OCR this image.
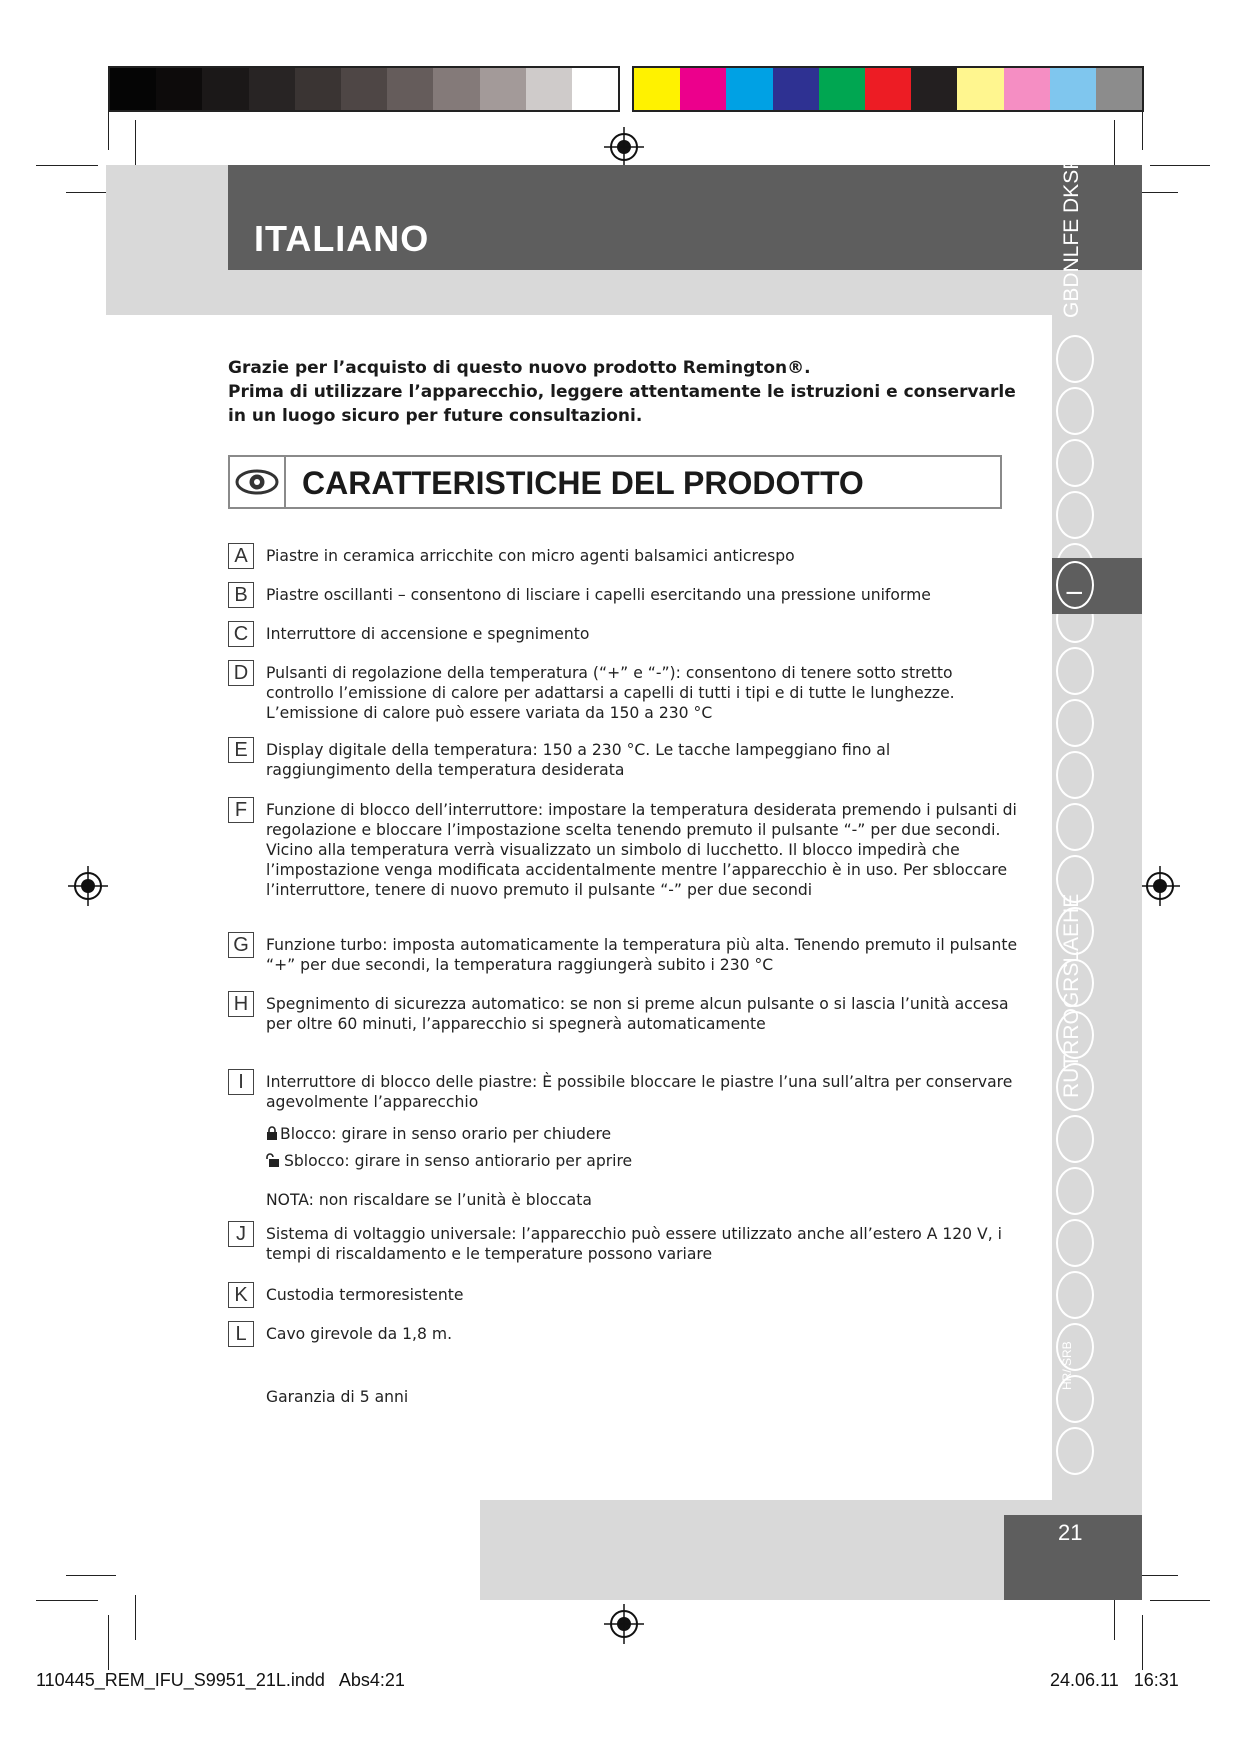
ITALIANO	GBDNLFE DKSPSKC
I
RUTRROGRSLAEHE
HR/ SRB
21

Grazie per l’acquisto di questo nuovo prodotto Remington®.

Prima di utilizzare l’apparecchio, leggere attentamente le istruzioni e conservarle in un luogo sicuro per future consultazioni.

CARATTERISTICHE DEL PRODOTTO
A	Piastre in ceramica arricchite con micro agenti balsamici anticrespo
B	Piastre oscillanti – consentono di lisciare i capelli esercitando una pressione uniforme
C	Interruttore di accensione e spegnimento
D	Pulsanti di regolazione della temperatura (“+” e “-”): consentono di tenere sotto stretto controllo l’emissione di calore per adattarsi a capelli di tutti i tipi e di tutte le lunghezze. L’emissione di calore può essere variata da 150 a 230 °C
E	Display digitale della temperatura: 150 a 230 °C. Le tacche lampeggiano fino al raggiungimento della temperatura desiderata
F	Funzione di blocco dell’interruttore: impostare la temperatura desiderata premendo i pulsanti di regolazione e bloccare l’impostazione scelta tenendo premuto il pulsante “-” per due secondi. Vicino alla temperatura verrà visualizzato un simbolo di lucchetto. Il blocco impedirà che l’impostazione venga modificata accidentalmente mentre l’apparecchio è in uso. Per sbloccare l’interruttore, tenere di nuovo premuto il pulsante “-” per due secondi
G	Funzione turbo: imposta automaticamente la temperatura più alta. Tenendo premuto il pulsante “+” per due secondi, la temperatura raggiungerà subito i 230 °C
H	Spegnimento di sicurezza automatico: se non si preme alcun pulsante o si lascia l’unità accesa per oltre 60 minuti, l’apparecchio si spegnerà automaticamente
I	Interruttore di blocco delle piastre: È possibile bloccare le piastre l’una sull’altra per conservare agevolmente l’apparecchio
J	Sistema di voltaggio universale: l’apparecchio può essere utilizzato anche all’estero A 120 V, i tempi di riscaldamento e le temperature possono variare
K	Custodia termoresistente
L	Cavo girevole da 1,8 m.
Blocco: girare in senso orario per chiudere
Sblocco: girare in senso antiorario per aprire
NOTA: non riscaldare se l’unità è bloccata
Garanzia di 5 anni
110445_REM_IFU_S9951_21L.indd   Abs4:21	24.06.11   16:31
